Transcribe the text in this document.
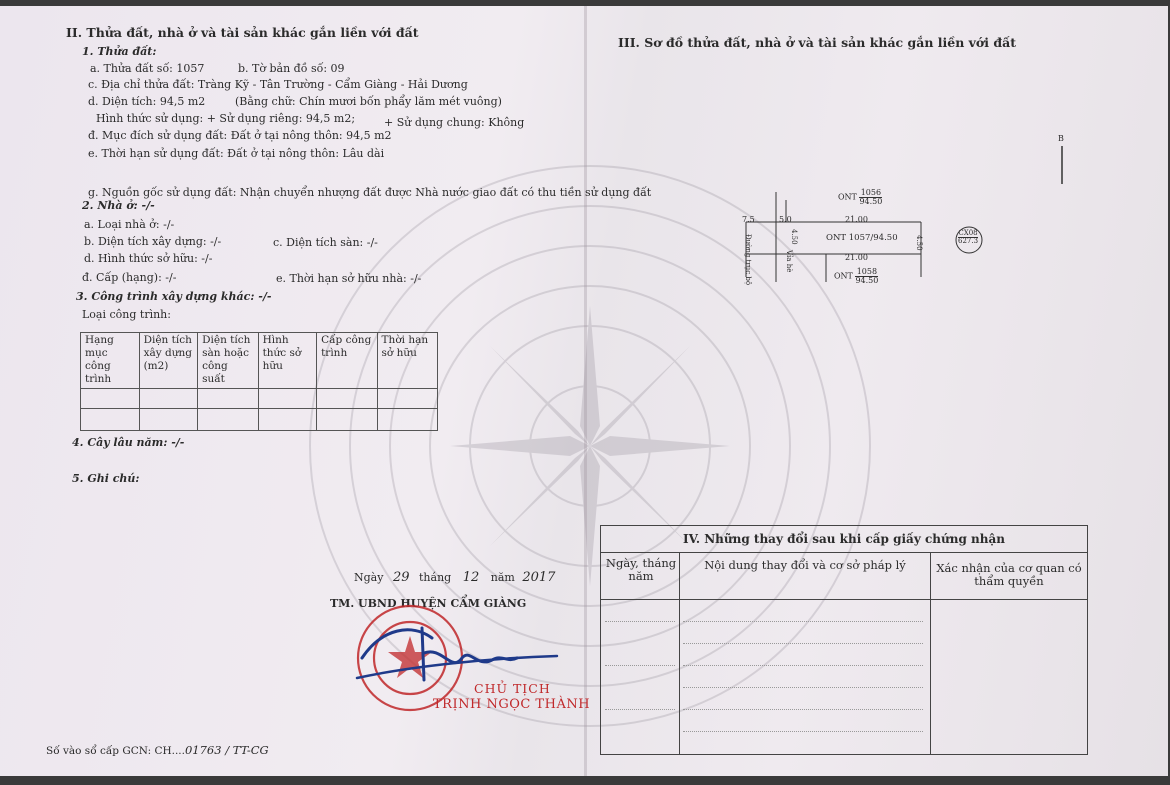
II. Thửa đất, nhà ở và tài sản khác gắn liền với đất
1. Thửa đất:
a. Thửa đất số: 1057	b. Tờ bản đồ số: 09
c. Địa chỉ thửa đất: Tràng Kỹ - Tân Trường - Cẩm Giàng - Hải Dương
d. Diện tích: 94,5 m2	(Bằng chữ: Chín mươi bốn phẩy lăm mét vuông)
Hình thức sử dụng: + Sử dụng riêng: 94,5 m2;	+ Sử dụng chung: Không
đ. Mục đích sử dụng đất: Đất ở tại nông thôn: 94,5 m2
e. Thời hạn sử dụng đất: Đất ở tại nông thôn: Lâu dài
g. Nguồn gốc sử dụng đất: Nhận chuyển nhượng đất được Nhà nước giao đất có thu tiền sử dụng đất
2. Nhà ở: -/-
a. Loại nhà ở: -/-
b. Diện tích xây dựng: -/-	c. Diện tích sàn: -/-
d. Hình thức sở hữu: -/-
đ. Cấp (hạng): -/-	e. Thời hạn sở hữu nhà: -/-
3. Công trình xây dựng khác: -/-
Loại công trình:
Hạng mục công trình	Diện tích xây dựng (m2)	Diện tích sàn hoặc công suất	Hình thức sở hữu	Cấp công trình	Thời hạn sở hữu

4. Cây lâu năm: -/-
5. Ghi chú:
Ngày 29 tháng 12 năm 2017
TM. UBND HUYỆN CẨM GIÀNG
CHỦ TỊCH
TRỊNH NGỌC THÀNH
Số vào sổ cấp GCN: CH....01763 / TT-CG
III. Sơ đồ thửa đất, nhà ở và tài sản khác gắn liền với đất
ONT $\frac{1056}{94.50}$
7.5	5.0	21.00
ONT 1057/94.50
21.00
4.50
4.50
Đường trục bộ	Vỉa hè
ONT $\frac{1058}{94.50}$
CX08
627.3
B
IV. Những thay đổi sau khi cấp giấy chứng nhận
Ngày, tháng năm
Nội dung thay đổi và cơ sở pháp lý	Xác nhận của cơ quan có thẩm quyền
